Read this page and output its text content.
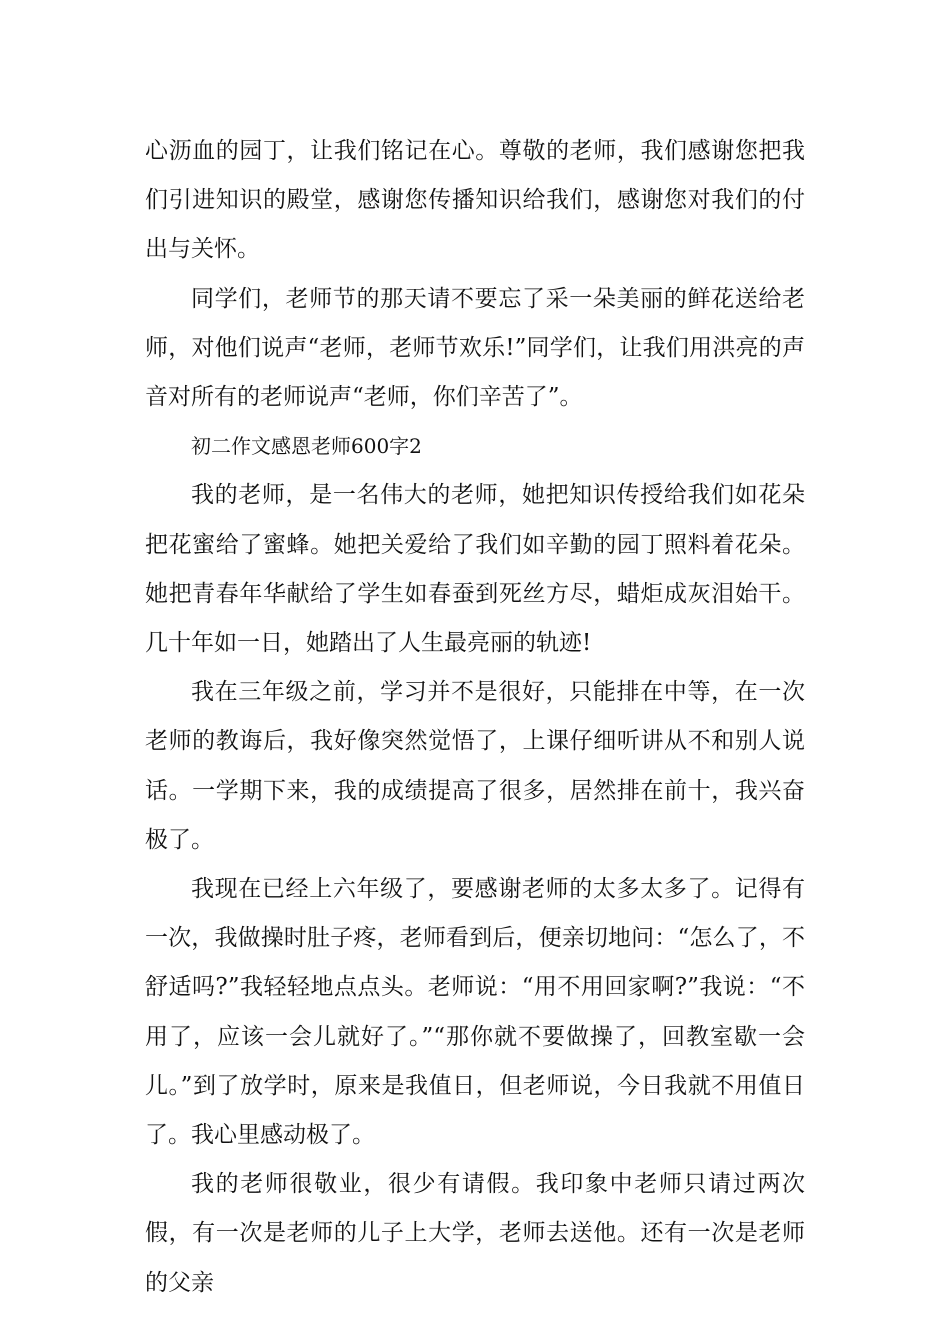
心沥血的园丁，让我们铭记在心。尊敬的老师，我们感谢您把我们引进知识的殿堂，感谢您传播知识给我们，感谢您对我们的付出与关怀。

同学们，老师节的那天请不要忘了采一朵美丽的鲜花送给老师，对他们说声“老师，老师节欢乐!”同学们，让我们用洪亮的声音对所有的老师说声“老师，你们辛苦了”。

初二作文感恩老师600字2

我的老师，是一名伟大的老师，她把知识传授给我们如花朵把花蜜给了蜜蜂。她把关爱给了我们如辛勤的园丁照料着花朵。她把青春年华献给了学生如春蚕到死丝方尽，蜡炬成灰泪始干。几十年如一日，她踏出了人生最亮丽的轨迹!

我在三年级之前，学习并不是很好，只能排在中等，在一次老师的教诲后，我好像突然觉悟了，上课仔细听讲从不和别人说话。一学期下来，我的成绩提高了很多，居然排在前十，我兴奋极了。

我现在已经上六年级了，要感谢老师的太多太多了。记得有一次，我做操时肚子疼，老师看到后，便亲切地问：“怎么了，不舒适吗?”我轻轻地点点头。老师说：“用不用回家啊?”我说：“不用了，应该一会儿就好了。”“那你就不要做操了，回教室歇一会儿。”到了放学时，原来是我值日，但老师说，今日我就不用值日了。我心里感动极了。

我的老师很敬业，很少有请假。我印象中老师只请过两次假，有一次是老师的儿子上大学，老师去送他。还有一次是老师的父亲
